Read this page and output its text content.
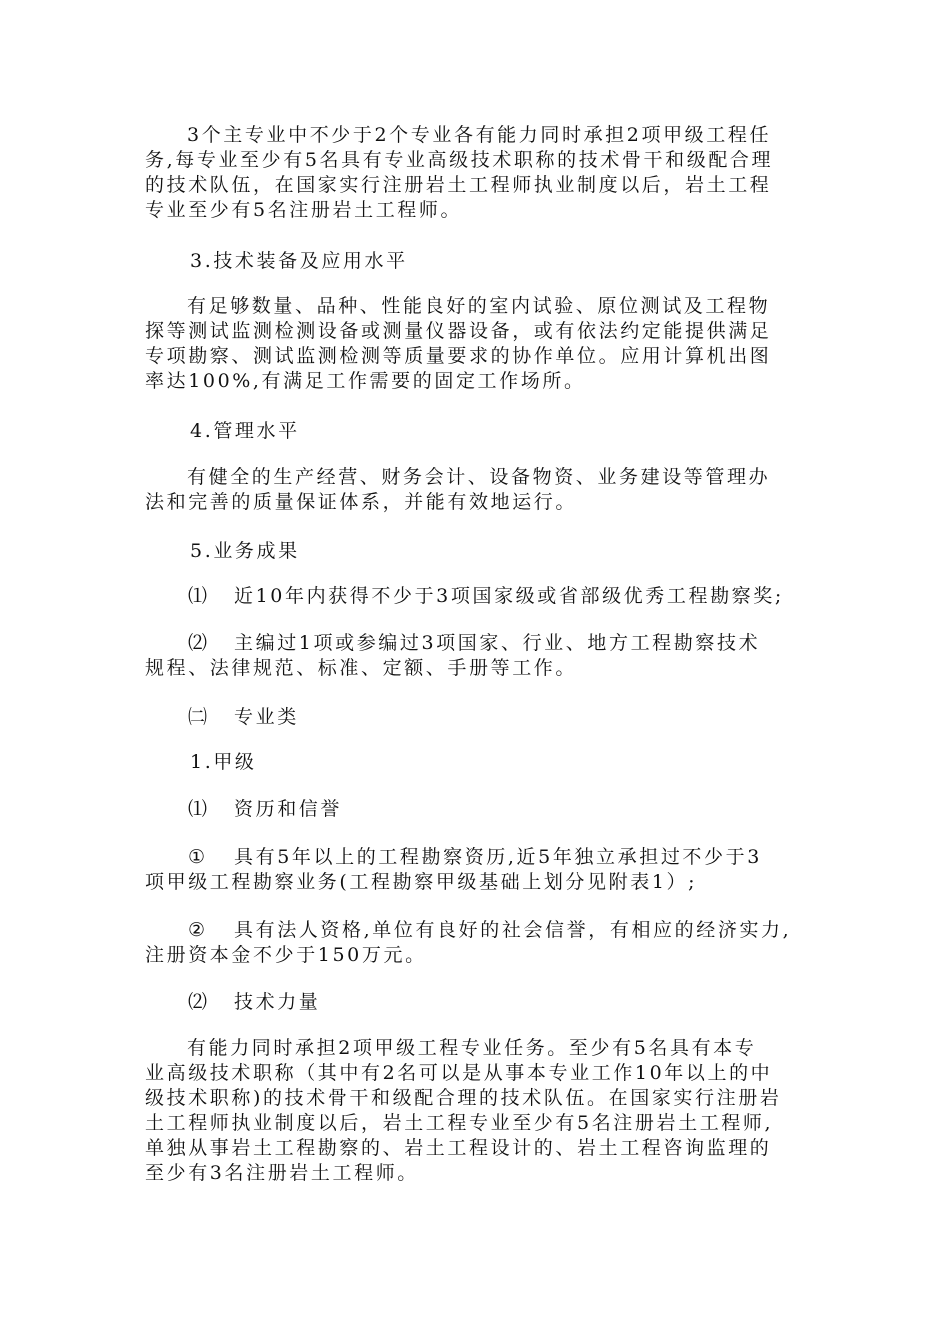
3个主专业中不少于2个专业各有能力同时承担2项甲级工程任
务,每专业至少有5名具有专业高级技术职称的技术骨干和级配合理
的技术队伍，在国家实行注册岩土工程师执业制度以后，岩土工程
专业至少有5名注册岩土工程师。

3.技术装备及应用水平

有足够数量、品种、性能良好的室内试验、原位测试及工程物
探等测试监测检测设备或测量仪器设备，或有依法约定能提供满足
专项勘察、测试监测检测等质量要求的协作单位。应用计算机出图
率达100%,有满足工作需要的固定工作场所。

4.管理水平

有健全的生产经营、财务会计、设备物资、业务建设等管理办
法和完善的质量保证体系，并能有效地运行。

5.业务成果

⑴ 近10年内获得不少于3项国家级或省部级优秀工程勘察奖;

⑵ 主编过1项或参编过3项国家、行业、地方工程勘察技术

规程、法律规范、标准、定额、手册等工作。

㈡ 专业类

1.甲级

⑴ 资历和信誉

① 具有5年以上的工程勘察资历,近5年独立承担过不少于3

项甲级工程勘察业务(工程勘察甲级基础上划分见附表1）;

② 具有法人资格,单位有良好的社会信誉，有相应的经济实力,

注册资本金不少于150万元。

⑵ 技术力量

有能力同时承担2项甲级工程专业任务。至少有5名具有本专
业高级技术职称（其中有2名可以是从事本专业工作10年以上的中
级技术职称)的技术骨干和级配合理的技术队伍。在国家实行注册岩
土工程师执业制度以后，岩土工程专业至少有5名注册岩土工程师,
单独从事岩土工程勘察的、岩土工程设计的、岩土工程咨询监理的
至少有3名注册岩土工程师。
